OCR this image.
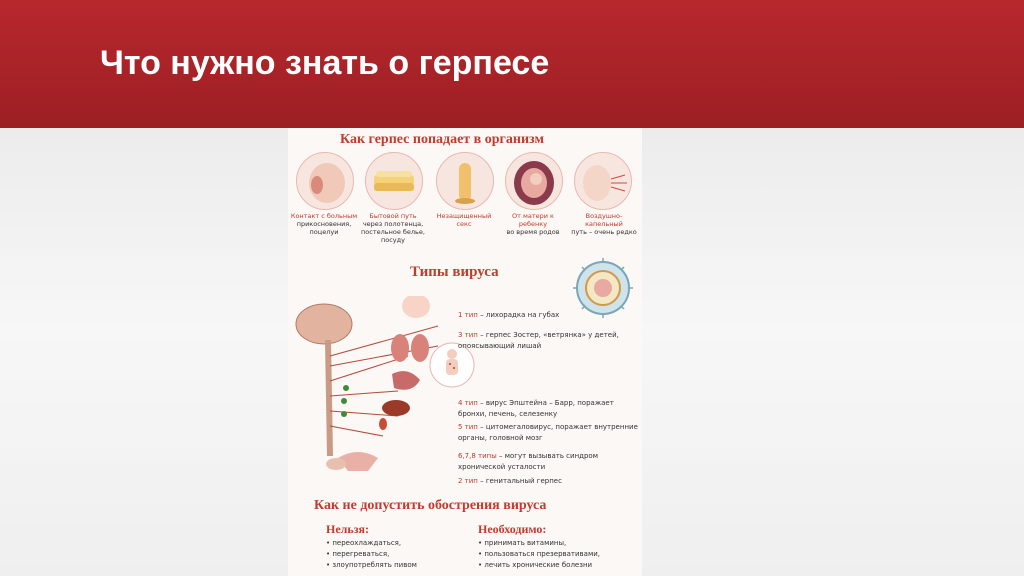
Что нужно знать о герпесе
Как герпес попадает в организм
Контакт с больным
прикосновения, поцелуи
Бытовой путь
через полотенца, постельное белье, посуду
Незащищенный
секс
От матери к ребенку
во время родов
Воздушно-капельный
путь – очень редко
Типы вируса
1 тип – лихорадка на губах
3 тип – герпес Зостер, «ветрянка» у детей, опоясывающий лишай
4 тип – вирус Эпштейна – Барр, поражает бронхи, печень, селезенку
5 тип – цитомегаловирус, поражает внутренние органы, головной мозг
6,7,8 типы – могут вызывать синдром хронической усталости
2 тип – генитальный герпес
Как не допустить обострения вируса
Нельзя:	Необходимо:
• переохлаждаться,
• перегреваться,
• злоупотреблять пивом
• принимать витамины,
• пользоваться презервативами,
• лечить хронические болезни
